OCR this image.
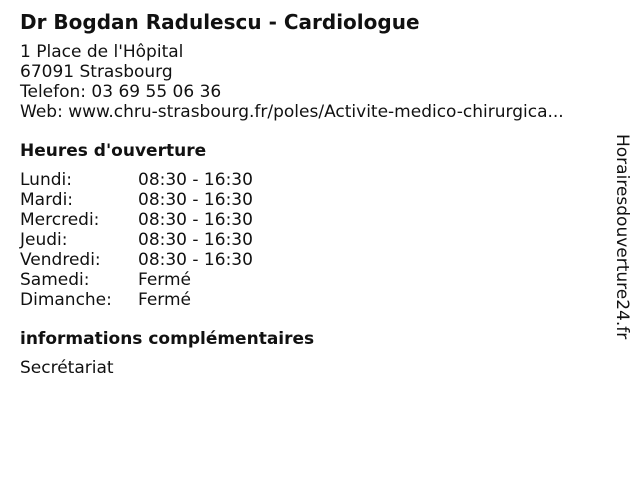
Dr Bogdan Radulescu - Cardiologue
1 Place de l'Hôpital
67091 Strasbourg
Telefon: 03 69 55 06 36
Web: www.chru-strasbourg.fr/poles/Activite-medico-chirurgica...
Heures d'ouverture
Lundi:	08:30 - 16:30
Mardi:	08:30 - 16:30
Mercredi:	08:30 - 16:30
Jeudi:	08:30 - 16:30
Vendredi:	08:30 - 16:30
Samedi:	Fermé
Dimanche:	Fermé
informations complémentaires
Secrétariat
Horairesdouverture24.fr
